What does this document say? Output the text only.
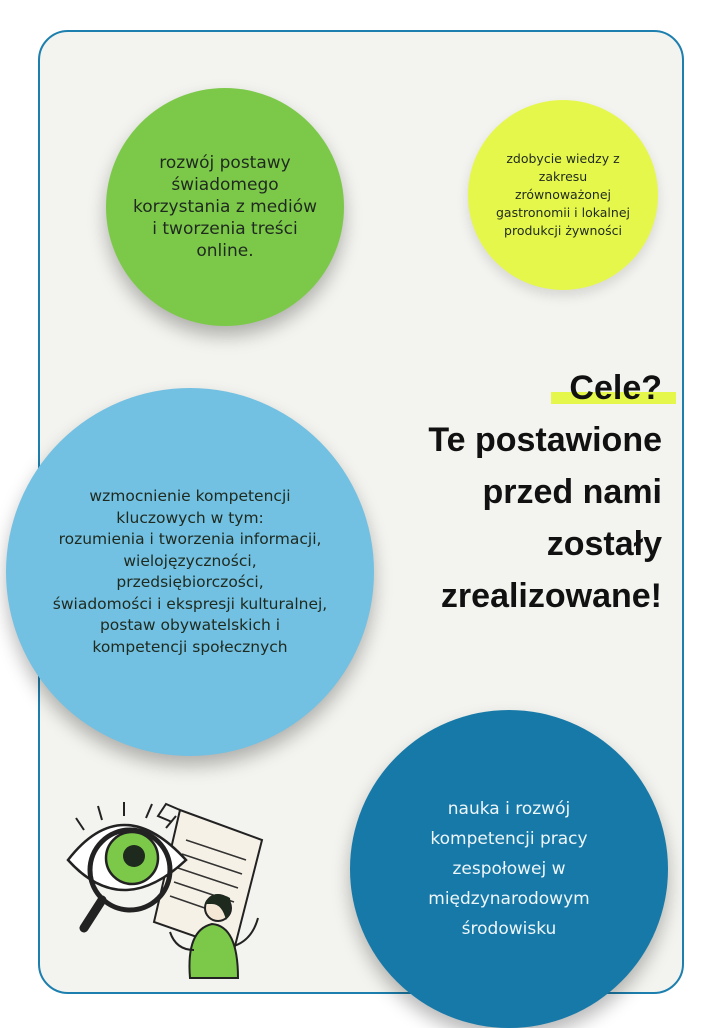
rozwój postawy
świadomego
korzystania z mediów
i tworzenia treści
online.

zdobycie wiedzy z
zakresu
zrównoważonej
gastronomii i lokalnej
produkcji żywności

wzmocnienie kompetencji
kluczowych w tym:
rozumienia i tworzenia informacji,
wielojęzyczności,
przedsiębiorczości,
świadomości i ekspresji kulturalnej,
postaw obywatelskich i
kompetencji społecznych

Cele?
Te postawione
przed nami
zostały
zrealizowane!

nauka i rozwój
kompetencji pracy
zespołowej w
międzynarodowym
środowisku
